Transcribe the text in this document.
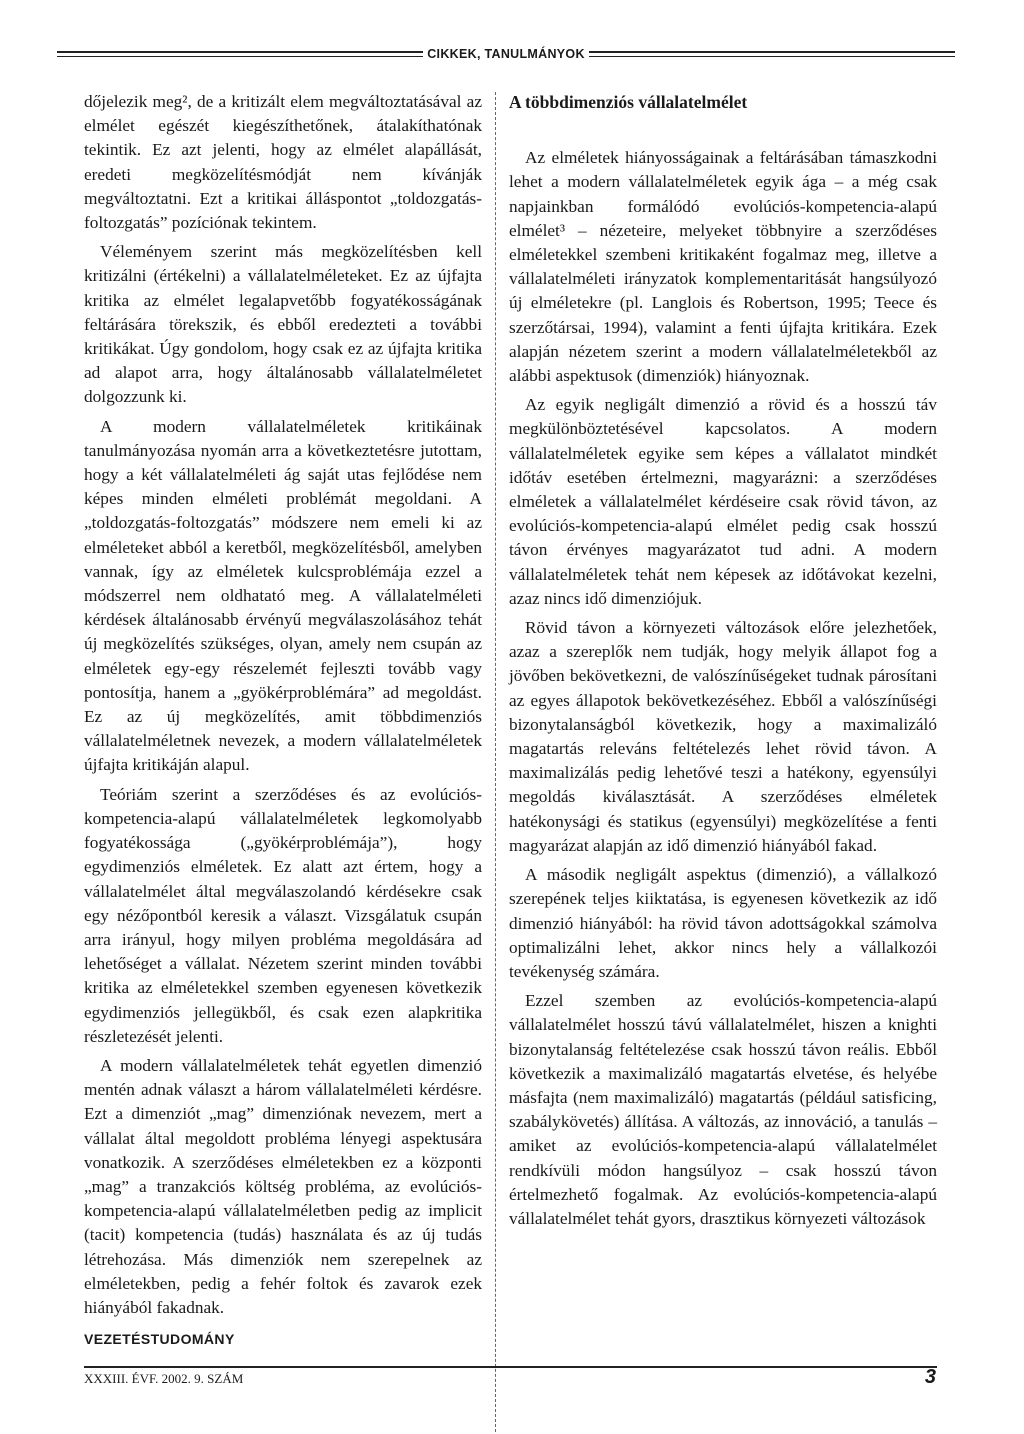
CIKKEK, TANULMÁNYOK

dőjelezik meg², de a kritizált elem megváltoztatásával az elmélet egészét kiegészíthetőnek, átalakíthatónak tekintik. Ez azt jelenti, hogy az elmélet alapállását, eredeti megközelítésmódját nem kívánják megváltoztatni. Ezt a kritikai álláspontot „toldozgatás-foltozgatás” pozíciónak tekintem.

Véleményem szerint más megközelítésben kell kritizálni (értékelni) a vállalatelméleteket. Ez az újfajta kritika az elmélet legalapvetőbb fogyatékosságának feltárására törekszik, és ebből eredezteti a további kritikákat. Úgy gondolom, hogy csak ez az újfajta kritika ad alapot arra, hogy általánosabb vállalatelméletet dolgozzunk ki.

A modern vállalatelméletek kritikáinak tanulmányozása nyomán arra a következtetésre jutottam, hogy a két vállalatelméleti ág saját utas fejlődése nem képes minden elméleti problémát megoldani. A „toldozgatás-foltozgatás” módszere nem emeli ki az elméleteket abból a keretből, megközelítésből, amelyben vannak, így az elméletek kulcsproblémája ezzel a módszerrel nem oldhatató meg. A vállalatelméleti kérdések általánosabb érvényű megválaszolásához tehát új megközelítés szükséges, olyan, amely nem csupán az elméletek egy-egy részelemét fejleszti tovább vagy pontosítja, hanem a „gyökérproblémára” ad megoldást. Ez az új megközelítés, amit többdimenziós vállalatelméletnek nevezek, a modern vállalatelméletek újfajta kritikáján alapul.

Teóriám szerint a szerződéses és az evolúciós-kompetencia-alapú vállalatelméletek legkomolyabb fogyatékossága („gyökérproblémája”), hogy egydimenziós elméletek. Ez alatt azt értem, hogy a vállalatelmélet által megválaszolandó kérdésekre csak egy nézőpontból keresik a választ. Vizsgálatuk csupán arra irányul, hogy milyen probléma megoldására ad lehetőséget a vállalat. Nézetem szerint minden további kritika az elméletekkel szemben egyenesen következik egydimenziós jellegükből, és csak ezen alapkritika részletezését jelenti.

A modern vállalatelméletek tehát egyetlen dimenzió mentén adnak választ a három vállalatelméleti kérdésre. Ezt a dimenziót „mag” dimenziónak nevezem, mert a vállalat által megoldott probléma lényegi aspektusára vonatkozik. A szerződéses elméletekben ez a központi „mag” a tranzakciós költség probléma, az evolúciós-kompetencia-alapú vállalatelméletben pedig az implicit (tacit) kompetencia (tudás) használata és az új tudás létrehozása. Más dimenziók nem szerepelnek az elméletekben, pedig a fehér foltok és zavarok ezek hiányából fakadnak.

A többdimenziós vállalatelmélet

Az elméletek hiányosságainak a feltárásában támaszkodni lehet a modern vállalatelméletek egyik ága – a még csak napjainkban formálódó evolúciós-kompetencia-alapú elmélet³ – nézeteire, melyeket többnyire a szerződéses elméletekkel szembeni kritikaként fogalmaz meg, illetve a vállalatelméleti irányzatok komplementaritását hangsúlyozó új elméletekre (pl. Langlois és Robertson, 1995; Teece és szerzőtársai, 1994), valamint a fenti újfajta kritikára. Ezek alapján nézetem szerint a modern vállalatelméletekből az alábbi aspektusok (dimenziók) hiányoznak.

Az egyik negligált dimenzió a rövid és a hosszú táv megkülönböztetésével kapcsolatos. A modern vállalatelméletek egyike sem képes a vállalatot mindkét időtáv esetében értelmezni, magyarázni: a szerződéses elméletek a vállalatelmélet kérdéseire csak rövid távon, az evolúciós-kompetencia-alapú elmélet pedig csak hosszú távon érvényes magyarázatot tud adni. A modern vállalatelméletek tehát nem képesek az időtávokat kezelni, azaz nincs idő dimenziójuk.

Rövid távon a környezeti változások előre jelezhetőek, azaz a szereplők nem tudják, hogy melyik állapot fog a jövőben bekövetkezni, de valószínűségeket tudnak párosítani az egyes állapotok bekövetkezéséhez. Ebből a valószínűségi bizonytalanságból következik, hogy a maximalizáló magatartás releváns feltételezés lehet rövid távon. A maximalizálás pedig lehetővé teszi a hatékony, egyensúlyi megoldás kiválasztását. A szerződéses elméletek hatékonysági és statikus (egyensúlyi) megközelítése a fenti magyarázat alapján az idő dimenzió hiányából fakad.

A második negligált aspektus (dimenzió), a vállalkozó szerepének teljes kiiktatása, is egyenesen következik az idő dimenzió hiányából: ha rövid távon adottságokkal számolva optimalizálni lehet, akkor nincs hely a vállalkozói tevékenység számára.

Ezzel szemben az evolúciós-kompetencia-alapú vállalatelmélet hosszú távú vállalatelmélet, hiszen a knighti bizonytalanság feltételezése csak hosszú távon reális. Ebből következik a maximalizáló magatartás elvetése, és helyébe másfajta (nem maximalizáló) magatartás (például satisficing, szabálykövetés) állítása. A változás, az innováció, a tanulás – amiket az evolúciós-kompetencia-alapú vállalatelmélet rendkívüli módon hangsúlyoz – csak hosszú távon értelmezhető fogalmak. Az evolúciós-kompetencia-alapú vállalatelmélet tehát gyors, drasztikus környezeti változások

VEZETÉSTUDOMÁNY
XXXIII. ÉVF. 2002. 9. SZÁM	3
